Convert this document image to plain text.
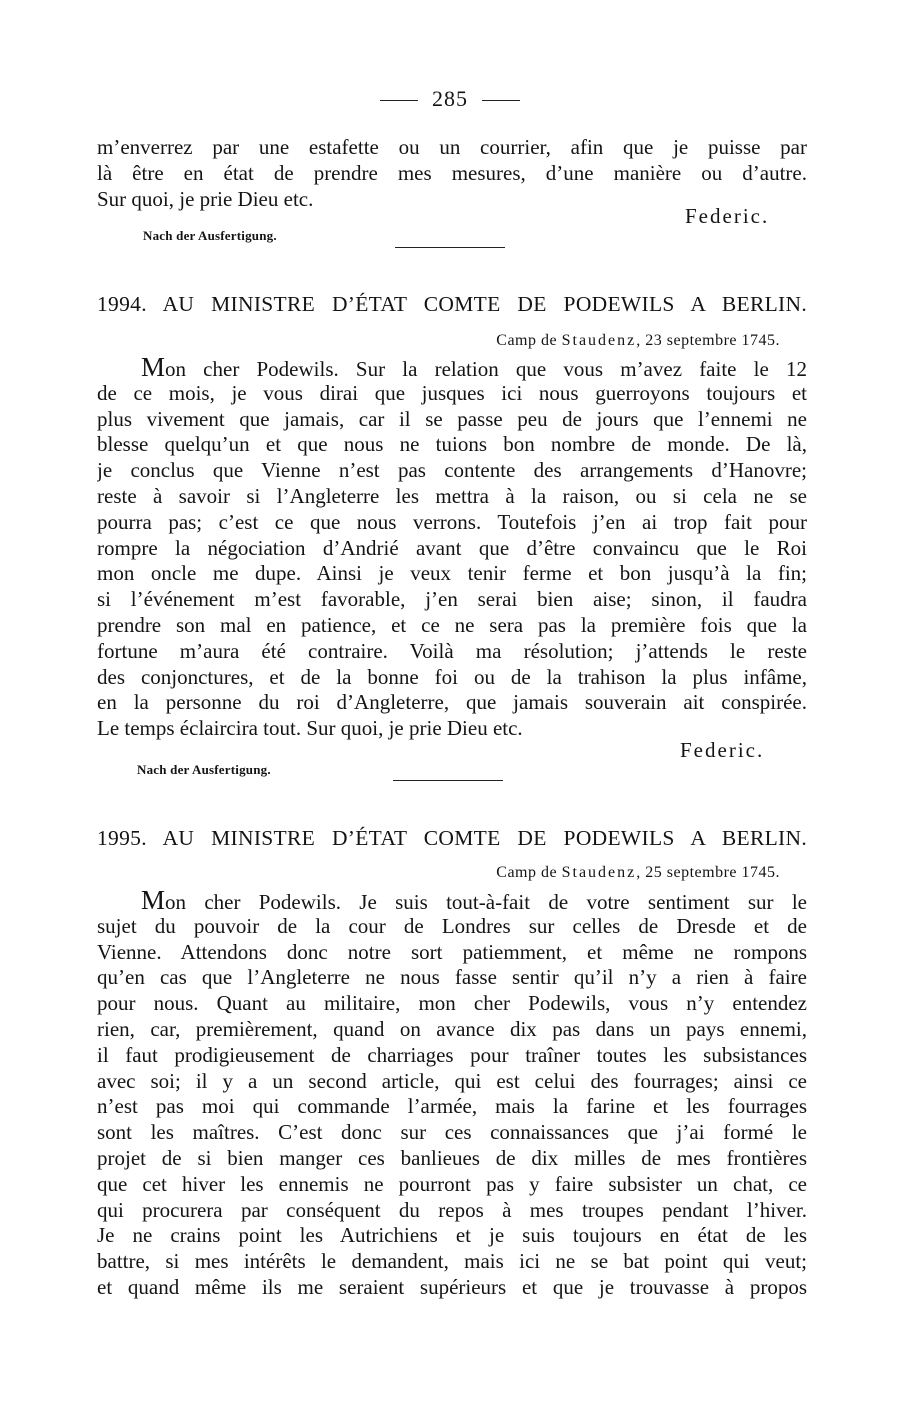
285
m’enverrez par une estafette ou un courrier, afin que je puisse par
là être en état de prendre mes mesures, d’une manière ou d’autre.
Sur quoi, je prie Dieu etc.
Federic.
Nach der Ausfertigung.
1994. AU MINISTRE D’ÉTAT COMTE DE PODEWILS A BERLIN.
Camp de Staudenz, 23 septembre 1745.
Mon cher Podewils. Sur la relation que vous m’avez faite le 12
de ce mois, je vous dirai que jusques ici nous guerroyons toujours et
plus vivement que jamais, car il se passe peu de jours que l’ennemi ne
blesse quelqu’un et que nous ne tuions bon nombre de monde. De là,
je conclus que Vienne n’est pas contente des arrangements d’Hanovre;
reste à savoir si l’Angleterre les mettra à la raison, ou si cela ne se
pourra pas; c’est ce que nous verrons. Toutefois j’en ai trop fait pour
rompre la négociation d’Andrié avant que d’être convaincu que le Roi
mon oncle me dupe. Ainsi je veux tenir ferme et bon jusqu’à la fin;
si l’événement m’est favorable, j’en serai bien aise; sinon, il faudra
prendre son mal en patience, et ce ne sera pas la première fois que la
fortune m’aura été contraire. Voilà ma résolution; j’attends le reste
des conjonctures, et de la bonne foi ou de la trahison la plus infâme,
en la personne du roi d’Angleterre, que jamais souverain ait conspirée.
Le temps éclaircira tout. Sur quoi, je prie Dieu etc.
Federic.
Nach der Ausfertigung.
1995. AU MINISTRE D’ÉTAT COMTE DE PODEWILS A BERLIN.
Camp de Staudenz, 25 septembre 1745.
Mon cher Podewils. Je suis tout-à-fait de votre sentiment sur le
sujet du pouvoir de la cour de Londres sur celles de Dresde et de
Vienne. Attendons donc notre sort patiemment, et même ne rompons
qu’en cas que l’Angleterre ne nous fasse sentir qu’il n’y a rien à faire
pour nous. Quant au militaire, mon cher Podewils, vous n’y entendez
rien, car, premièrement, quand on avance dix pas dans un pays ennemi,
il faut prodigieusement de charriages pour traîner toutes les subsistances
avec soi; il y a un second article, qui est celui des fourrages; ainsi ce
n’est pas moi qui commande l’armée, mais la farine et les fourrages
sont les maîtres. C’est donc sur ces connaissances que j’ai formé le
projet de si bien manger ces banlieues de dix milles de mes frontières
que cet hiver les ennemis ne pourront pas y faire subsister un chat, ce
qui procurera par conséquent du repos à mes troupes pendant l’hiver.
Je ne crains point les Autrichiens et je suis toujours en état de les
battre, si mes intérêts le demandent, mais ici ne se bat point qui veut;
et quand même ils me seraient supérieurs et que je trouvasse à propos
